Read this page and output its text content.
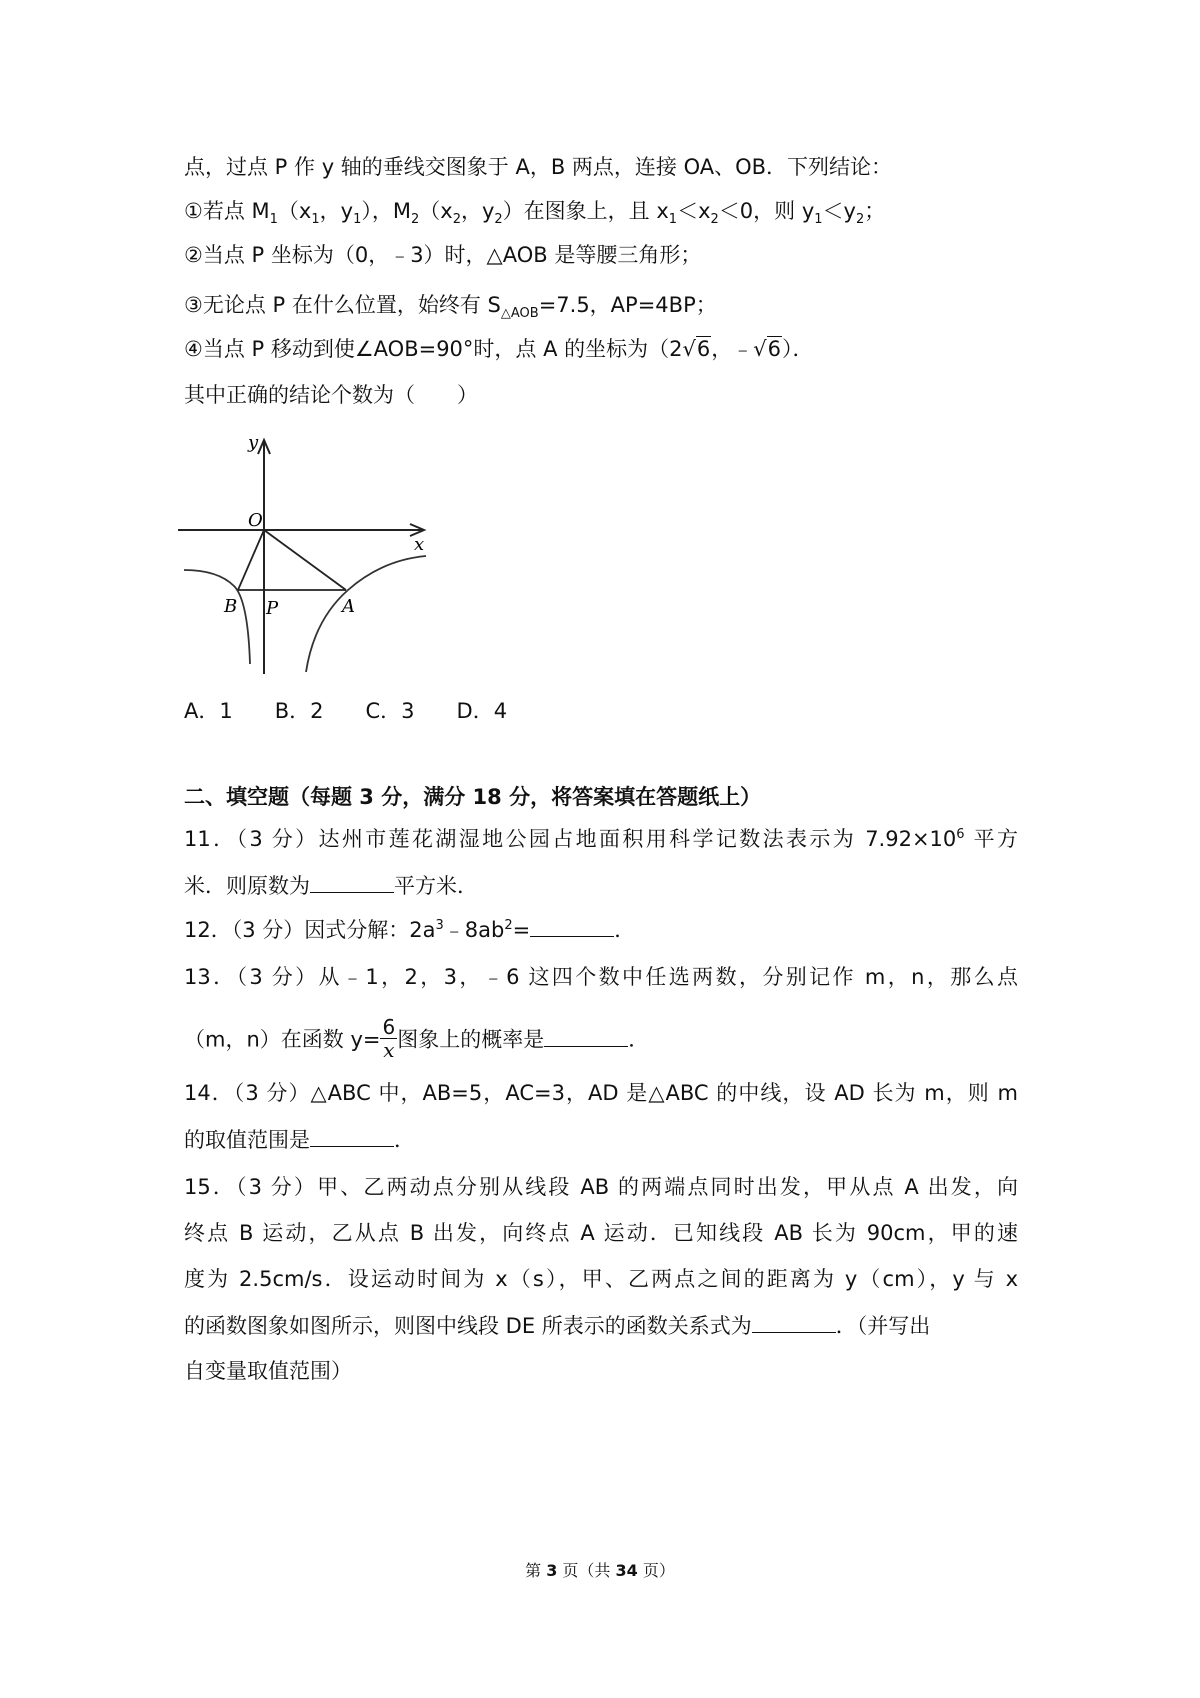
点，过点 P 作 y 轴的垂线交图象于 A，B 两点，连接 OA、OB．下列结论：
①若点 $M_1(x_1$，$y_1$），$M_2(x_2$，$y_2$）在图象上，且 $x_1<x_2<0$，则 $y_1<y_2$；
②当点 P 坐标为（0，﹣3）时，△AOB 是等腰三角形；
③无论点 P 在什么位置，始终有 $S_{\triangle AOB}=7.5$，AP=4BP；
④当点 P 移动到使∠AOB=90°时，点 A 的坐标为（2√6，﹣√6）．
其中正确的结论个数为（　　）
y
x
O
B P	A
A．1　　B．2　　C．3　　D．4
二、填空题（每题 3 分，满分 18 分，将答案填在答题纸上）
11．（3 分）达州市莲花湖湿地公园占地面积用科学记数法表示为 $7.92\times 10^6$ 平方
米．则原数为	平方米．
12．（3 分）因式分解：$2a^3﹣8ab^2=$	．
13．（3 分）从﹣1，2，3，﹣6 这四个数中任选两数，分别记作 m，n，那么点
（m，n）在函数 $y= \frac{6}{x}$ 图象上的概率是	．
14．（3 分）△ABC 中，AB=5，AC=3，AD 是△ABC 的中线，设 AD 长为 m，则 m
的取值范围是	．
15．（3 分）甲、乙两动点分别从线段 AB 的两端点同时出发，甲从点 A 出发，向
终点 B 运动，乙从点 B 出发，向终点 A 运动．已知线段 AB 长为 90cm，甲的速
度为 2.5cm/s．设运动时间为 x（s），甲、乙两点之间的距离为 y（cm），y 与 x
的函数图象如图所示，则图中线段 DE 所表示的函数关系式为	．（并写出
自变量取值范围）
第 3 页（共 34 页）
